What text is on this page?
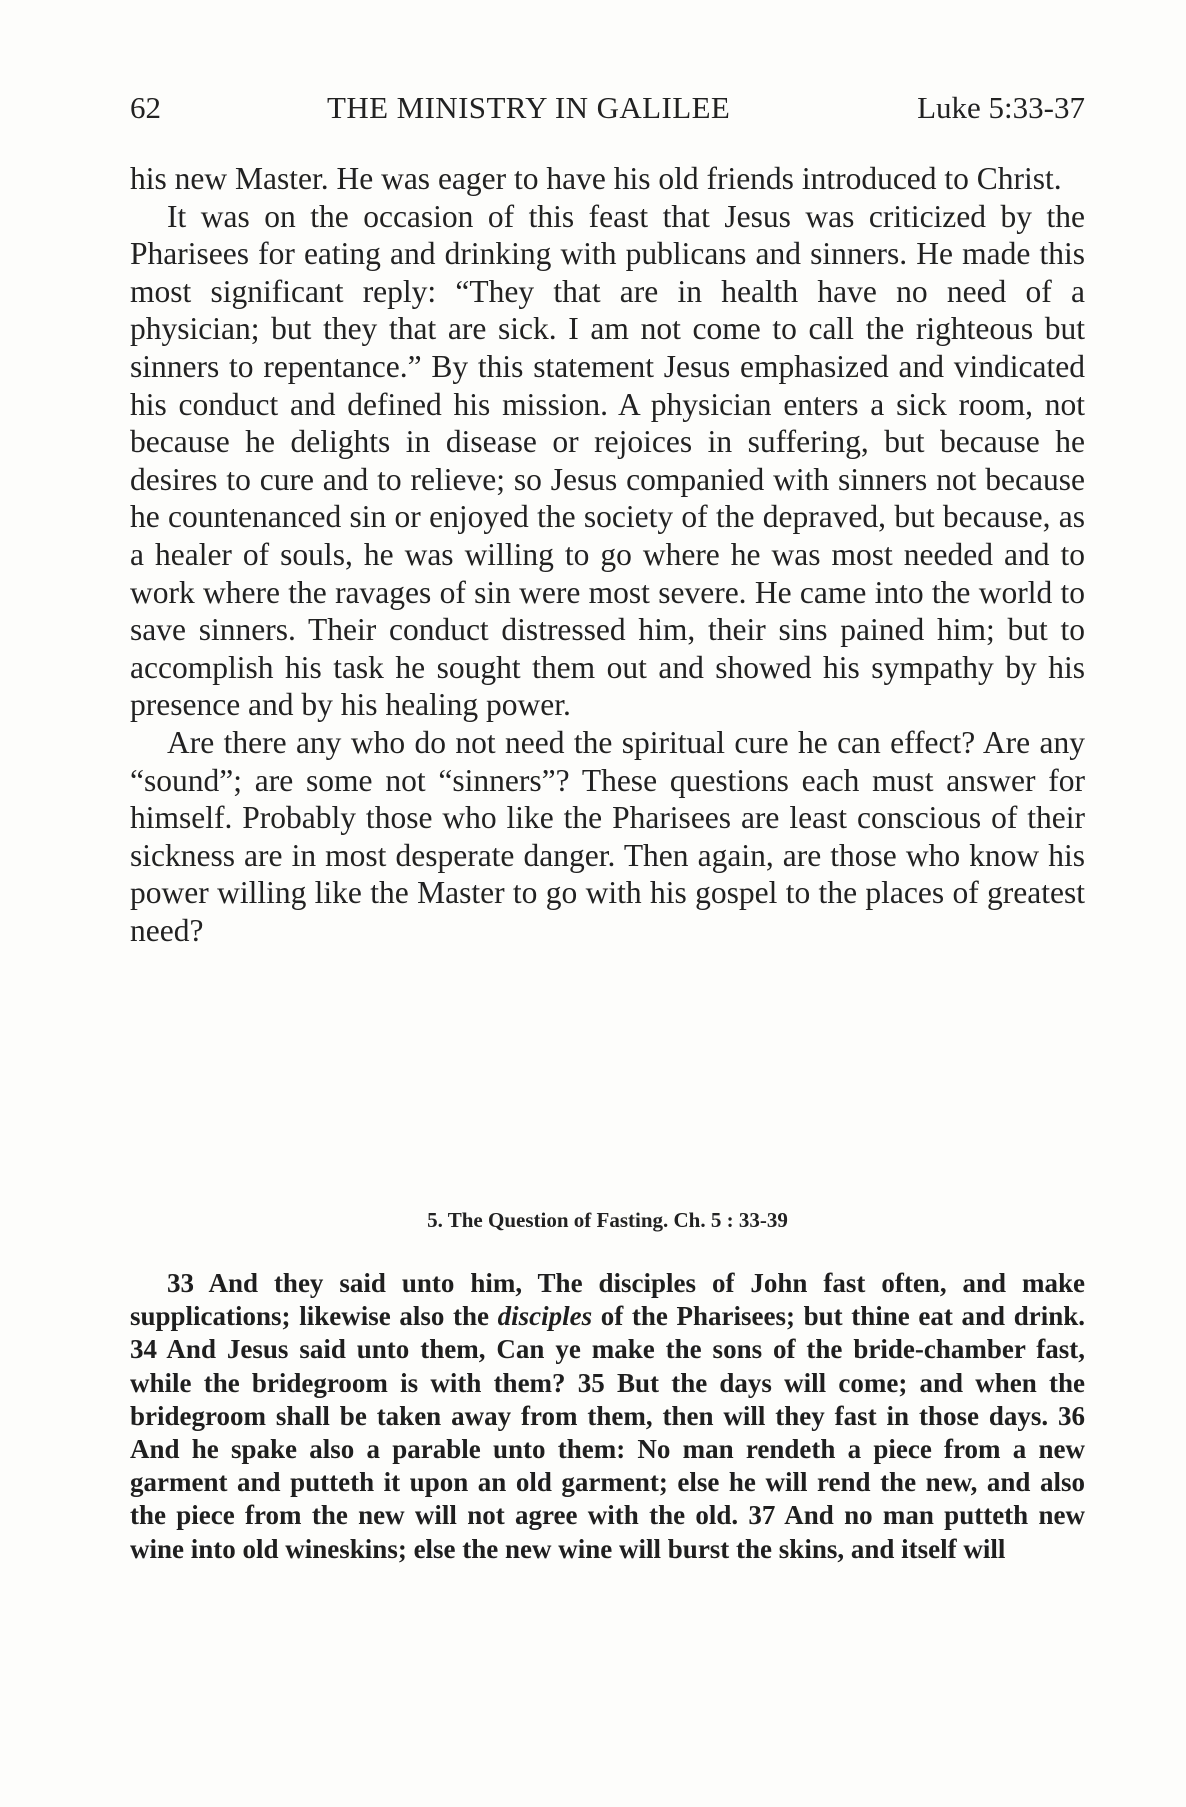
62	THE MINISTRY IN GALILEE	Luke 5:33-37

his new Master. He was eager to have his old friends introduced to Christ.

It was on the occasion of this feast that Jesus was criticized by the Pharisees for eating and drinking with publicans and sinners. He made this most significant reply: “They that are in health have no need of a physician; but they that are sick. I am not come to call the righteous but sinners to repentance.” By this statement Jesus emphasized and vindicated his conduct and defined his mission. A physician enters a sick room, not because he delights in disease or rejoices in suffering, but because he desires to cure and to relieve; so Jesus companied with sinners not because he countenanced sin or enjoyed the society of the depraved, but because, as a healer of souls, he was willing to go where he was most needed and to work where the ravages of sin were most severe. He came into the world to save sinners. Their conduct distressed him, their sins pained him; but to accomplish his task he sought them out and showed his sympathy by his presence and by his healing power.

Are there any who do not need the spiritual cure he can effect? Are any “sound”; are some not “sinners”? These questions each must answer for himself. Probably those who like the Pharisees are least conscious of their sickness are in most desperate danger. Then again, are those who know his power willing like the Master to go with his gospel to the places of greatest need?

5. The Question of Fasting. Ch. 5 : 33-39

33 And they said unto him, The disciples of John fast often, and make supplications; likewise also the disciples of the Pharisees; but thine eat and drink. 34 And Jesus said unto them, Can ye make the sons of the bride-chamber fast, while the bridegroom is with them? 35 But the days will come; and when the bridegroom shall be taken away from them, then will they fast in those days. 36 And he spake also a parable unto them: No man rendeth a piece from a new garment and putteth it upon an old garment; else he will rend the new, and also the piece from the new will not agree with the old. 37 And no man putteth new wine into old wineskins; else the new wine will burst the skins, and itself will
